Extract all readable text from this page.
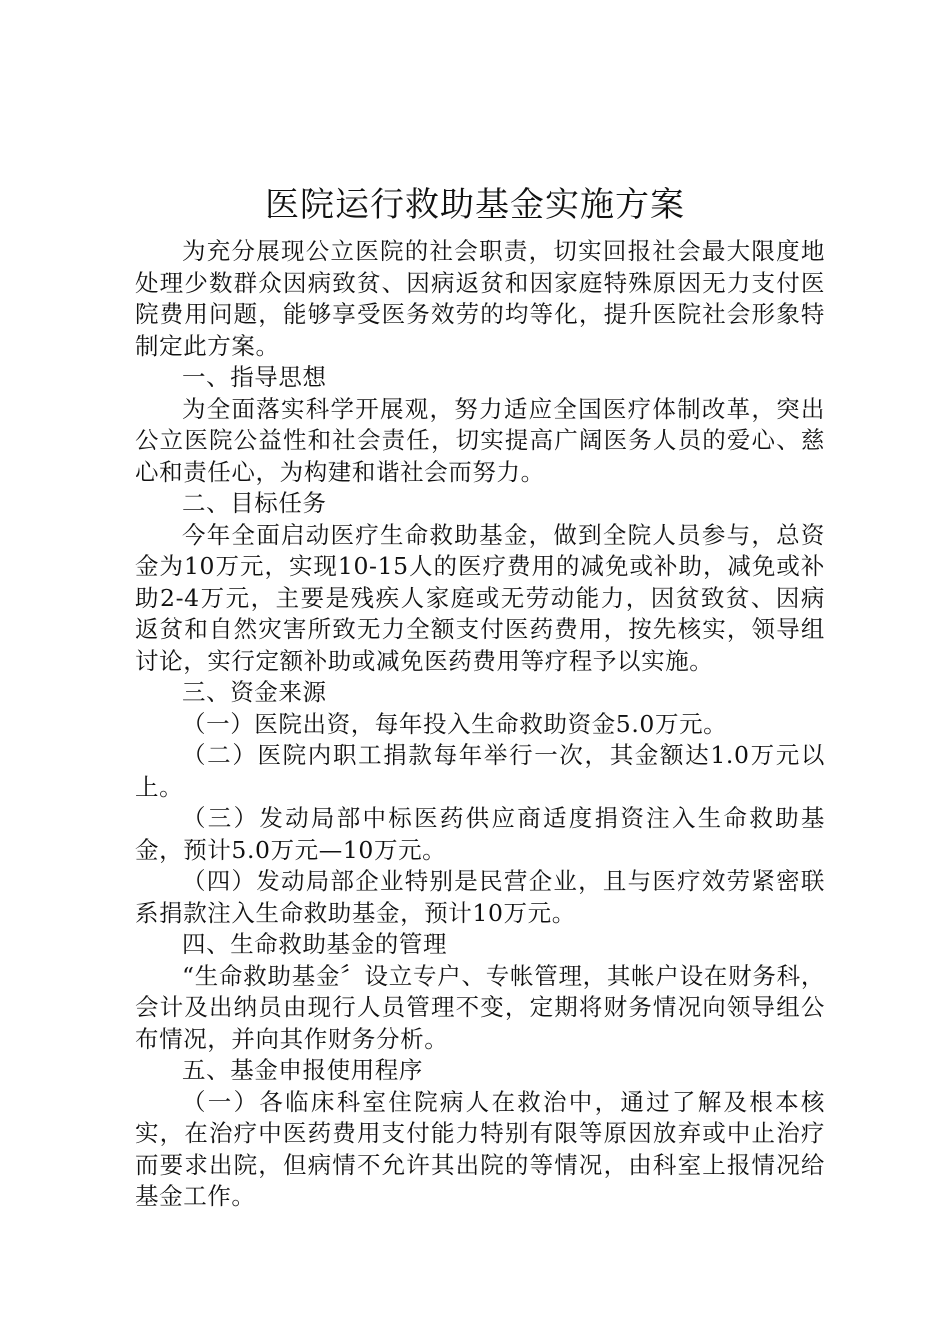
医院运行救助基金实施方案

为充分展现公立医院的社会职责，切实回报社会最大限度地处理少数群众因病致贫、因病返贫和因家庭特殊原因无力支付医院费用问题，能够享受医务效劳的均等化，提升医院社会形象特制定此方案。

一、指导思想

为全面落实科学开展观，努力适应全国医疗体制改革，突出公立医院公益性和社会责任，切实提高广阔医务人员的爱心、慈心和责任心，为构建和谐社会而努力。

二、目标任务

今年全面启动医疗生命救助基金，做到全院人员参与，总资金为10万元，实现10-15人的医疗费用的减免或补助，减免或补助2-4万元，主要是残疾人家庭或无劳动能力，因贫致贫、因病返贫和自然灾害所致无力全额支付医药费用，按先核实，领导组讨论，实行定额补助或减免医药费用等疗程予以实施。

三、资金来源

（一）医院出资，每年投入生命救助资金5.0万元。

（二）医院内职工捐款每年举行一次，其金额达1.0万元以上。

（三）发动局部中标医药供应商适度捐资注入生命救助基金，预计5.0万元—10万元。

（四）发动局部企业特别是民营企业，且与医疗效劳紧密联系捐款注入生命救助基金，预计10万元。

四、生命救助基金的管理

“生命救助基金〞设立专户、专帐管理，其帐户设在财务科，会计及出纳员由现行人员管理不变，定期将财务情况向领导组公布情况，并向其作财务分析。

五、基金申报使用程序

（一）各临床科室住院病人在救治中，通过了解及根本核实，在治疗中医药费用支付能力特别有限等原因放弃或中止治疗而要求出院，但病情不允许其出院的等情况，由科室上报情况给基金工作。
